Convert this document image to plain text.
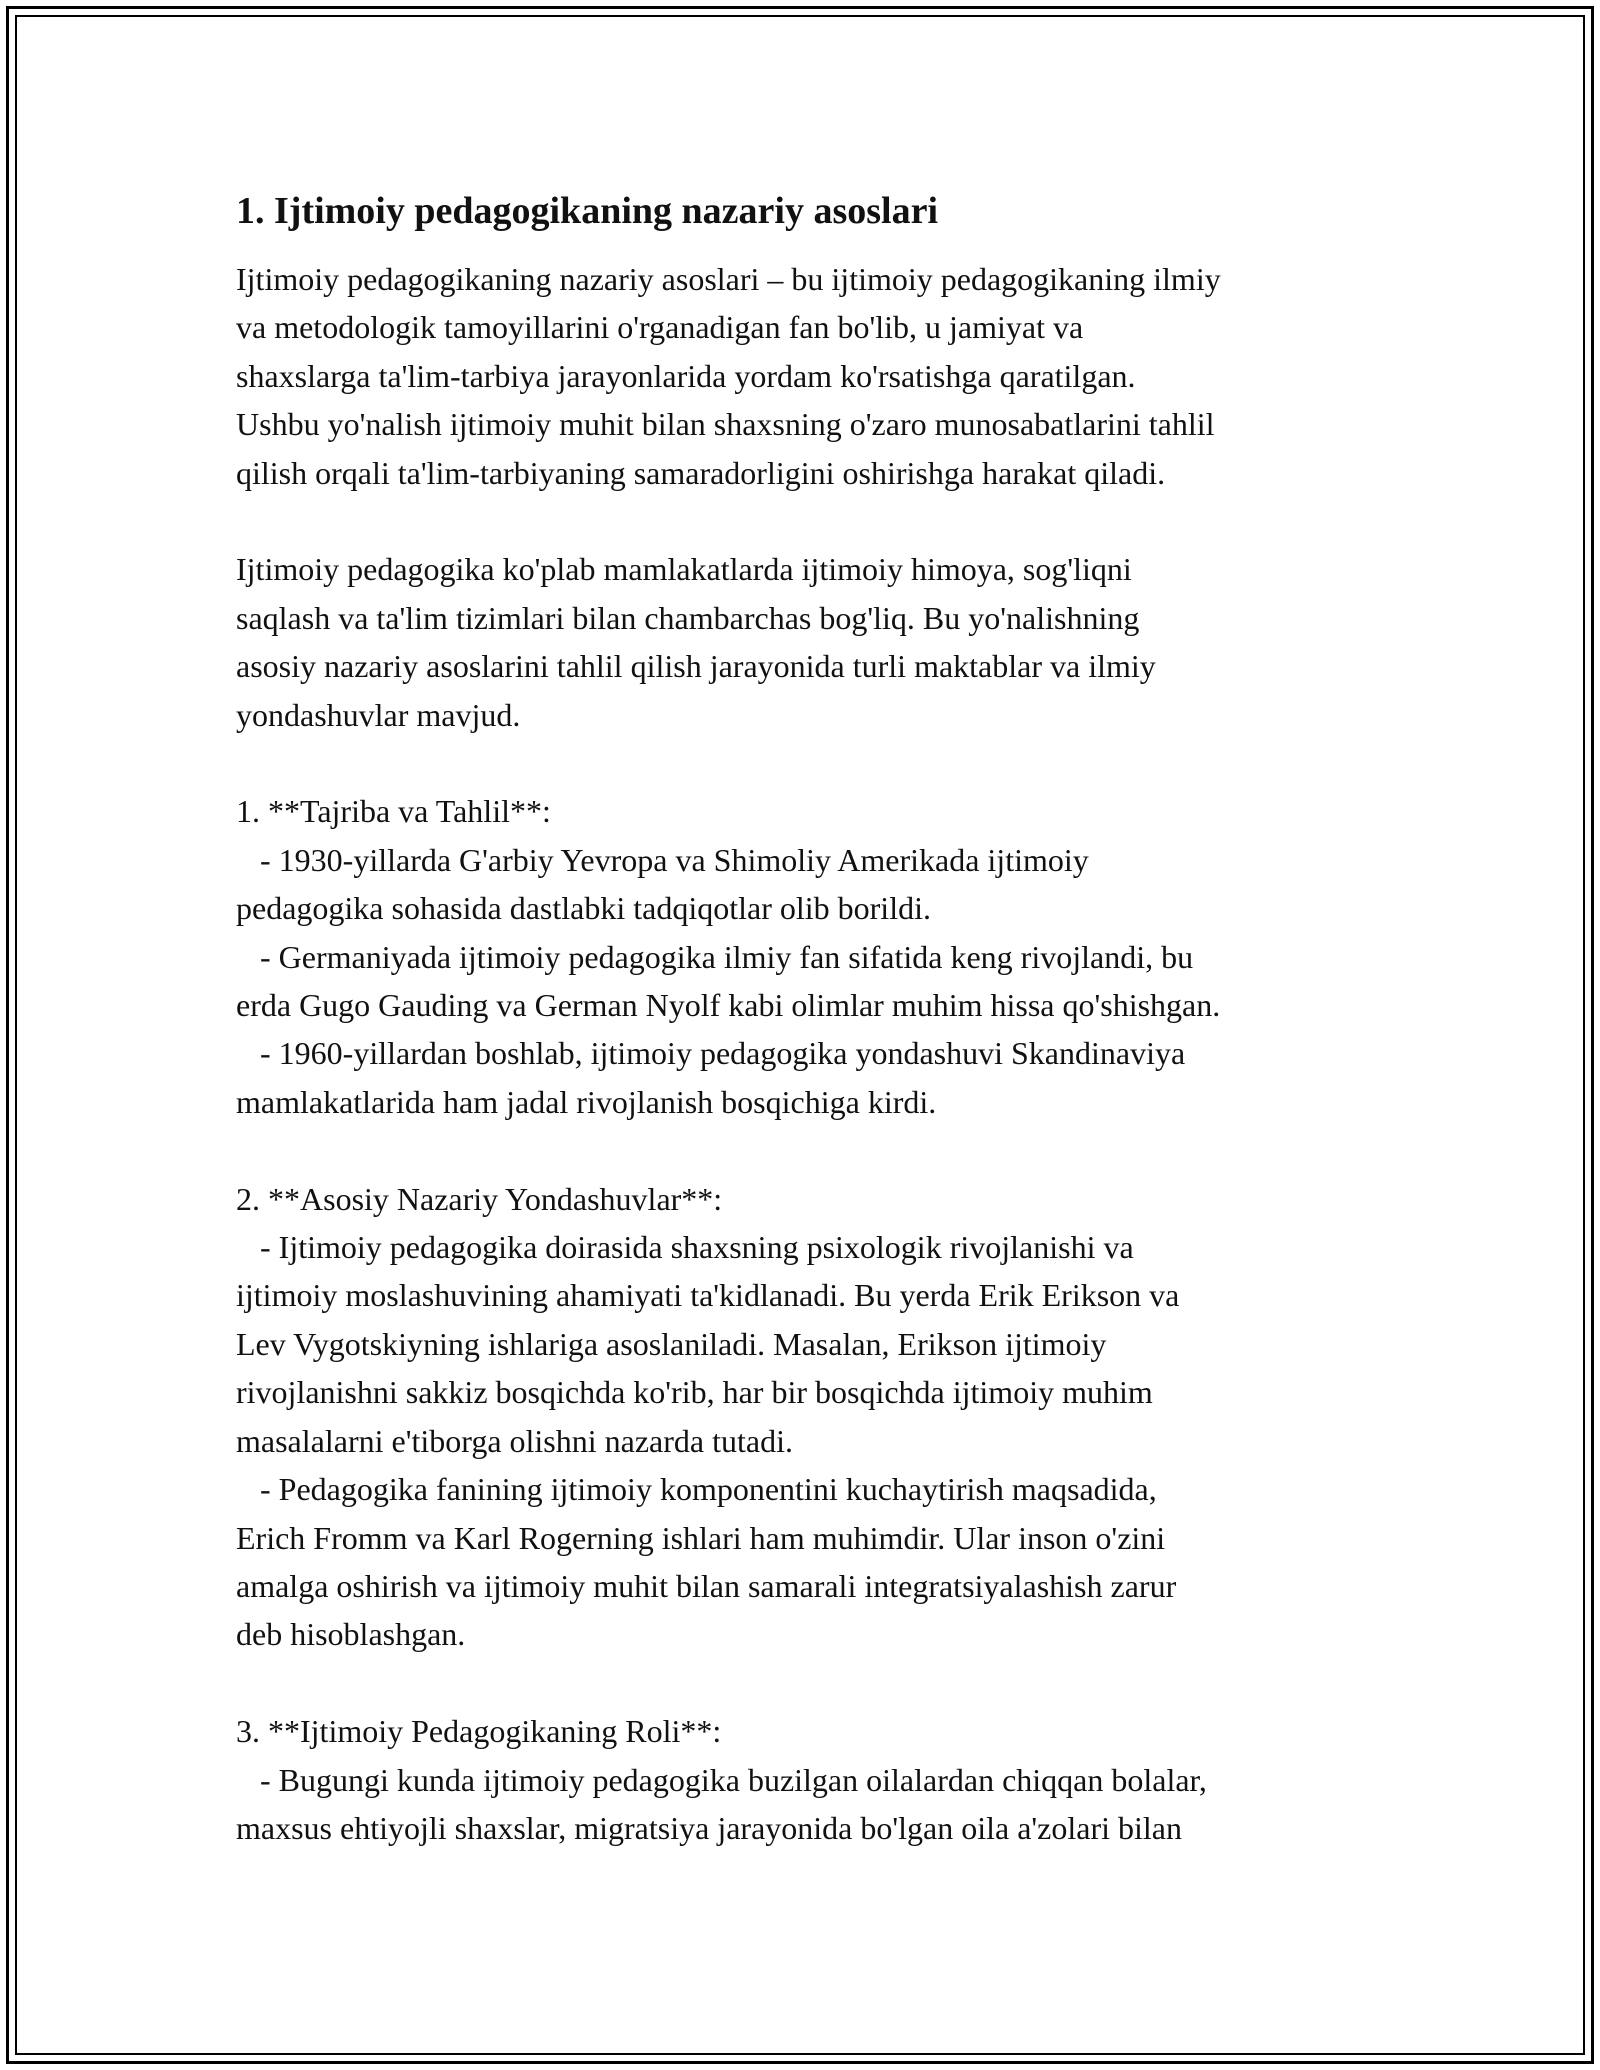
1. Ijtimoiy pedagogikaning nazariy asoslari
Ijtimoiy pedagogikaning nazariy asoslari – bu ijtimoiy pedagogikaning ilmiy
va metodologik tamoyillarini o'rganadigan fan bo'lib, u jamiyat va
shaxslarga ta'lim-tarbiya jarayonlarida yordam ko'rsatishga qaratilgan.
Ushbu yo'nalish ijtimoiy muhit bilan shaxsning o'zaro munosabatlarini tahlil
qilish orqali ta'lim-tarbiyaning samaradorligini oshirishga harakat qiladi.
Ijtimoiy pedagogika ko'plab mamlakatlarda ijtimoiy himoya, sog'liqni
saqlash va ta'lim tizimlari bilan chambarchas bog'liq. Bu yo'nalishning
asosiy nazariy asoslarini tahlil qilish jarayonida turli maktablar va ilmiy
yondashuvlar mavjud.
1. **Tajriba va Tahlil**:
- 1930-yillarda G'arbiy Yevropa va Shimoliy Amerikada ijtimoiy
pedagogika sohasida dastlabki tadqiqotlar olib borildi.
- Germaniyada ijtimoiy pedagogika ilmiy fan sifatida keng rivojlandi, bu
erda Gugo Gauding va German Nyolf kabi olimlar muhim hissa qo'shishgan.
- 1960-yillardan boshlab, ijtimoiy pedagogika yondashuvi Skandinaviya
mamlakatlarida ham jadal rivojlanish bosqichiga kirdi.
2. **Asosiy Nazariy Yondashuvlar**:
- Ijtimoiy pedagogika doirasida shaxsning psixologik rivojlanishi va
ijtimoiy moslashuvining ahamiyati ta'kidlanadi. Bu yerda Erik Erikson va
Lev Vygotskiyning ishlariga asoslaniladi. Masalan, Erikson ijtimoiy
rivojlanishni sakkiz bosqichda ko'rib, har bir bosqichda ijtimoiy muhim
masalalarni e'tiborga olishni nazarda tutadi.
- Pedagogika fanining ijtimoiy komponentini kuchaytirish maqsadida,
Erich Fromm va Karl Rogerning ishlari ham muhimdir. Ular inson o'zini
amalga oshirish va ijtimoiy muhit bilan samarali integratsiyalashish zarur
deb hisoblashgan.
3. **Ijtimoiy Pedagogikaning Roli**:
- Bugungi kunda ijtimoiy pedagogika buzilgan oilalardan chiqqan bolalar,
maxsus ehtiyojli shaxslar, migratsiya jarayonida bo'lgan oila a'zolari bilan
